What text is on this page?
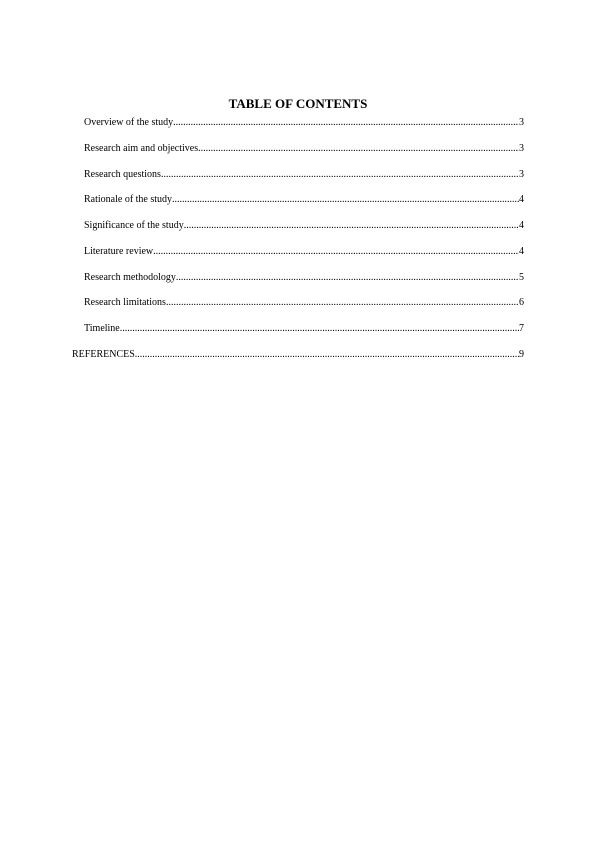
TABLE OF CONTENTS
Overview of the study .....	3
Research aim and objectives .....	3
Research questions .....	3
Rationale of the study .....	4
Significance of the study .....	4
Literature review .....	4
Research methodology .....	5
Research limitations .....	6
Timeline .....	7
REFERENCES .....	9
